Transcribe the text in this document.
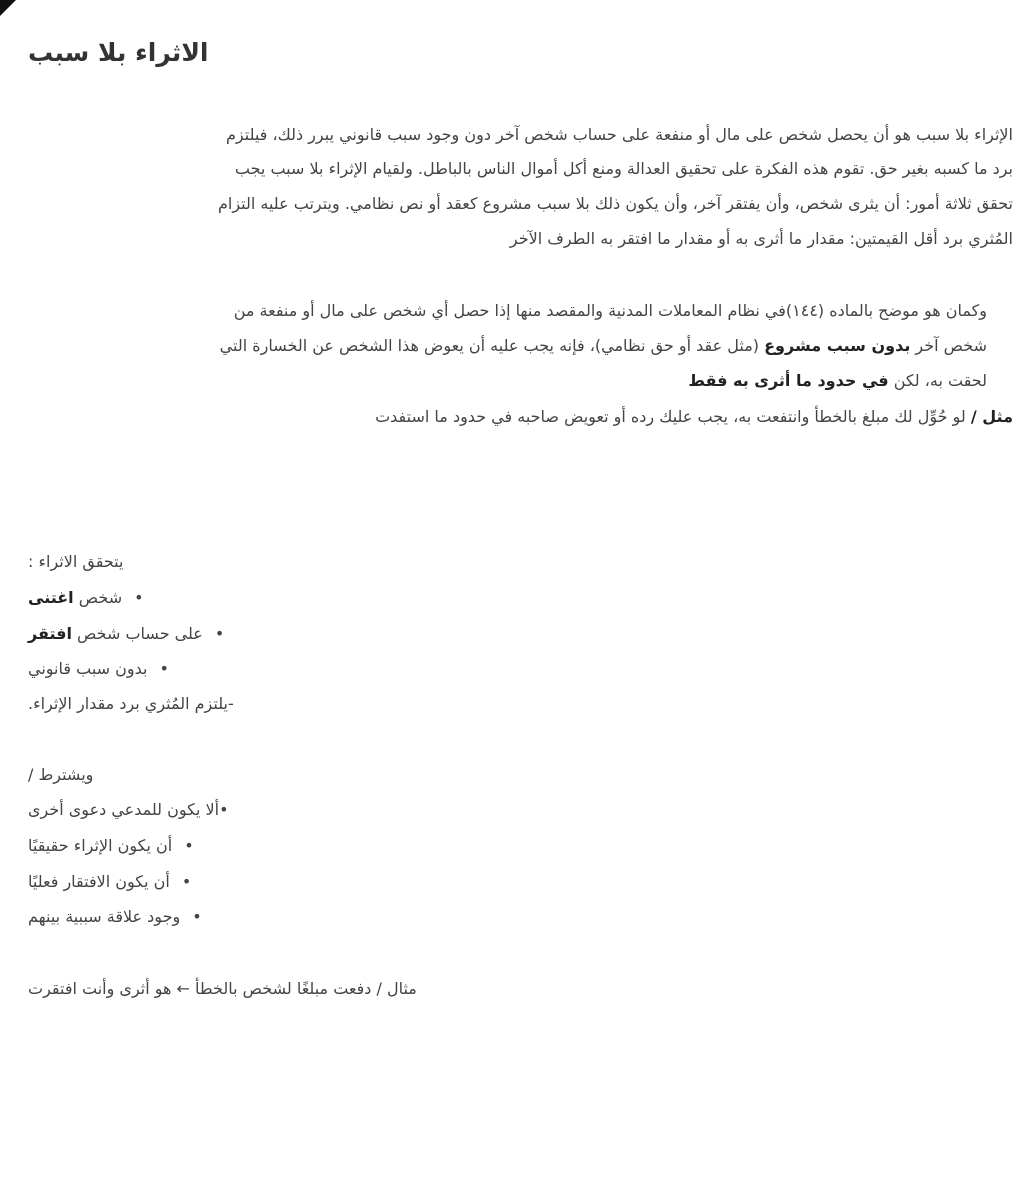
الاثراء بلا سبب
الإثراء بلا سبب هو أن يحصل شخص على مال أو منفعة على حساب شخص آخر دون وجود سبب قانوني يبرر ذلك، فيلتزم
برد ما كسبه بغير حق. تقوم هذه الفكرة على تحقيق العدالة ومنع أكل أموال الناس بالباطل. ولقيام الإثراء بلا سبب يجب
تحقق ثلاثة أمور: أن يثرى شخص، وأن يفتقر آخر، وأن يكون ذلك بلا سبب مشروع كعقد أو نص نظامي. ويترتب عليه التزام
المُثري برد أقل القيمتين: مقدار ما أثرى به أو مقدار ما افتقر به الطرف الآخر
وكمان هو موضح بالماده (١٤٤)في نظام المعاملات المدنية والمقصد منها إذا حصل أي شخص على مال أو منفعة من
شخص آخر بدون سبب مشروع (مثل عقد أو حق نظامي)، فإنه يجب عليه أن يعوض هذا الشخص عن الخسارة التي
لحقت به، لكن في حدود ما أثرى به فقط
مثل / لو حُوِّل لك مبلغ بالخطأ وانتفعت به، يجب عليك رده أو تعويض صاحبه في حدود ما استفدت
يتحقق الاثراء :
•شخص اغتنى
•على حساب شخص افتقر
•بدون سبب قانوني
-يلتزم المُثري برد مقدار الإثراء.
ويشترط /
•ألا يكون للمدعي دعوى أخرى
•أن يكون الإثراء حقيقيًا
•أن يكون الافتقار فعليًا
•وجود علاقة سببية بينهم
مثال / دفعت مبلغًا لشخص بالخطأ ← هو أثرى وأنت افتقرت
